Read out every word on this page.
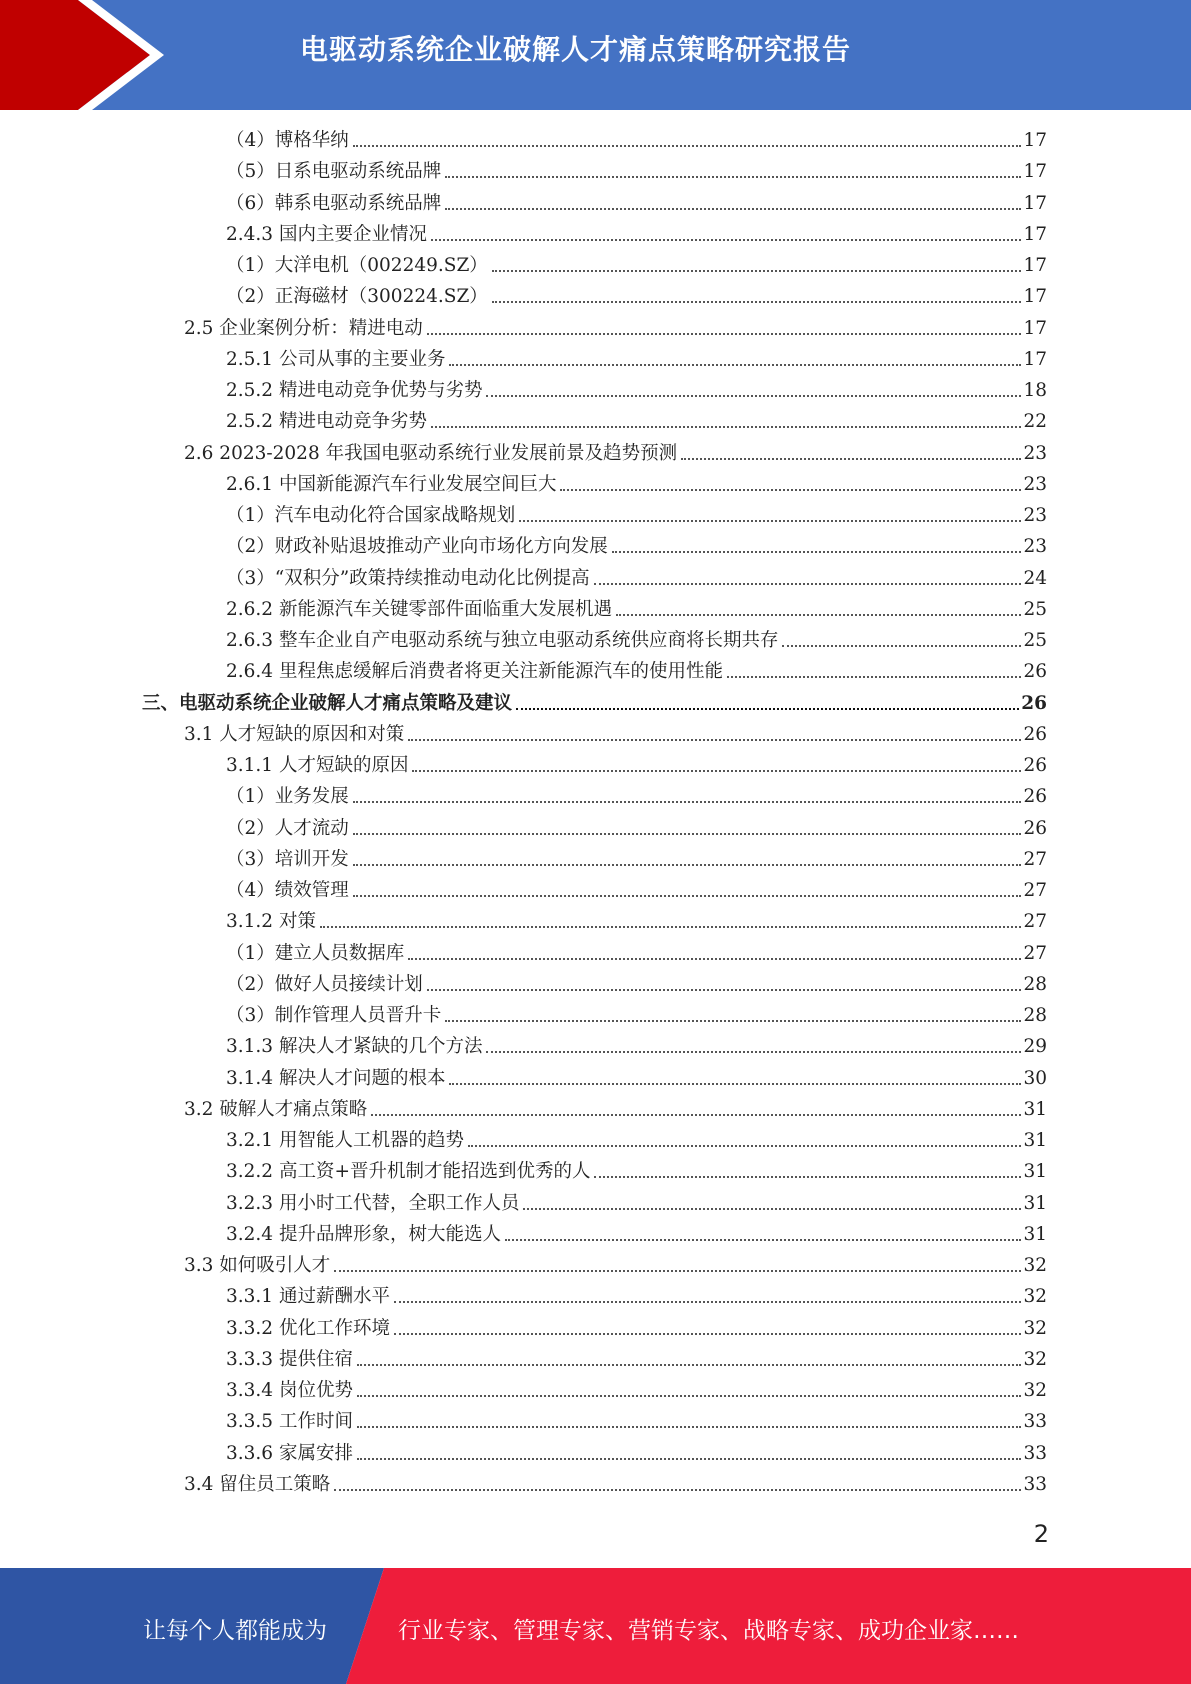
电驱动系统企业破解人才痛点策略研究报告
（4）博格华纳	17
（5）日系电驱动系统品牌	17
（6）韩系电驱动系统品牌	17
2.4.3 国内主要企业情况	17
（1）大洋电机（002249.SZ）	17
（2）正海磁材（300224.SZ）	17
2.5 企业案例分析：精进电动	17
2.5.1 公司从事的主要业务	17
2.5.2 精进电动竞争优势与劣势	18
2.5.2 精进电动竞争劣势	22
2.6 2023-2028 年我国电驱动系统行业发展前景及趋势预测	23
2.6.1 中国新能源汽车行业发展空间巨大	23
（1）汽车电动化符合国家战略规划	23
（2）财政补贴退坡推动产业向市场化方向发展	23
（3）“双积分”政策持续推动电动化比例提高	24
2.6.2 新能源汽车关键零部件面临重大发展机遇	25
2.6.3 整车企业自产电驱动系统与独立电驱动系统供应商将长期共存	25
2.6.4 里程焦虑缓解后消费者将更关注新能源汽车的使用性能	26
三、电驱动系统企业破解人才痛点策略及建议	26
3.1 人才短缺的原因和对策	26
3.1.1 人才短缺的原因	26
（1）业务发展	26
（2）人才流动	26
（3）培训开发	27
（4）绩效管理	27
3.1.2 对策	27
（1）建立人员数据库	27
（2）做好人员接续计划	28
（3）制作管理人员晋升卡	28
3.1.3 解决人才紧缺的几个方法	29
3.1.4 解决人才问题的根本	30
3.2 破解人才痛点策略	31
3.2.1 用智能人工机器的趋势	31
3.2.2 高工资+晋升机制才能招选到优秀的人	31
3.2.3 用小时工代替，全职工作人员	31
3.2.4 提升品牌形象，树大能选人	31
3.3 如何吸引人才	32
3.3.1 通过薪酬水平	32
3.3.2 优化工作环境	32
3.3.3 提供住宿	32
3.3.4 岗位优势	32
3.3.5 工作时间	33
3.3.6 家属安排	33
3.4 留住员工策略	33
2
让每个人都能成为	行业专家、管理专家、营销专家、战略专家、成功企业家……
